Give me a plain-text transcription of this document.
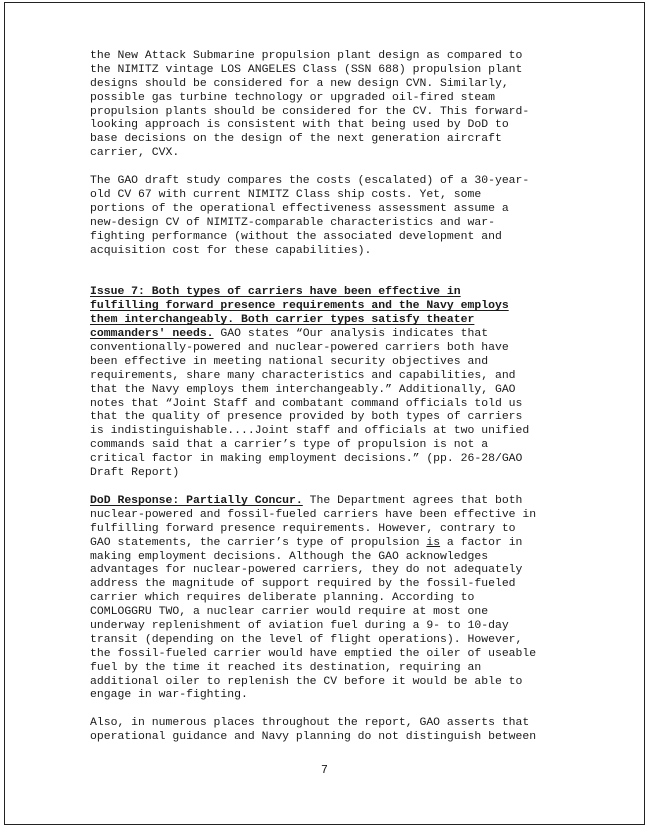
the New Attack Submarine propulsion plant design as compared to
the NIMITZ vintage LOS ANGELES Class (SSN 688) propulsion plant
designs should be considered for a new design CVN. Similarly,
possible gas turbine technology or upgraded oil-fired steam
propulsion plants should be considered for the CV. This forward-
looking approach is consistent with that being used by DoD to
base decisions on the design of the next generation aircraft
carrier, CVX.

The GAO draft study compares the costs (escalated) of a 30-year-
old CV 67 with current NIMITZ Class ship costs. Yet, some
portions of the operational effectiveness assessment assume a
new-design CV of NIMITZ-comparable characteristics and war-
fighting performance (without the associated development and
acquisition cost for these capabilities).

Issue 7: Both types of carriers have been effective in
fulfilling forward presence requirements and the Navy employs
them interchangeably. Both carrier types satisfy theater
commanders' needs. GAO states “Our analysis indicates that
conventionally-powered and nuclear-powered carriers both have
been effective in meeting national security objectives and
requirements, share many characteristics and capabilities, and
that the Navy employs them interchangeably.” Additionally, GAO
notes that “Joint Staff and combatant command officials told us
that the quality of presence provided by both types of carriers
is indistinguishable....Joint staff and officials at two unified
commands said that a carrier’s type of propulsion is not a
critical factor in making employment decisions.” (pp. 26-28/GAO
Draft Report)

DoD Response: Partially Concur. The Department agrees that both
nuclear-powered and fossil-fueled carriers have been effective in
fulfilling forward presence requirements. However, contrary to
GAO statements, the carrier’s type of propulsion is a factor in
making employment decisions. Although the GAO acknowledges
advantages for nuclear-powered carriers, they do not adequately
address the magnitude of support required by the fossil-fueled
carrier which requires deliberate planning. According to
COMLOGGRU TWO, a nuclear carrier would require at most one
underway replenishment of aviation fuel during a 9- to 10-day
transit (depending on the level of flight operations). However,
the fossil-fueled carrier would have emptied the oiler of useable
fuel by the time it reached its destination, requiring an
additional oiler to replenish the CV before it would be able to
engage in war-fighting.

Also, in numerous places throughout the report, GAO asserts that
operational guidance and Navy planning do not distinguish between

7
